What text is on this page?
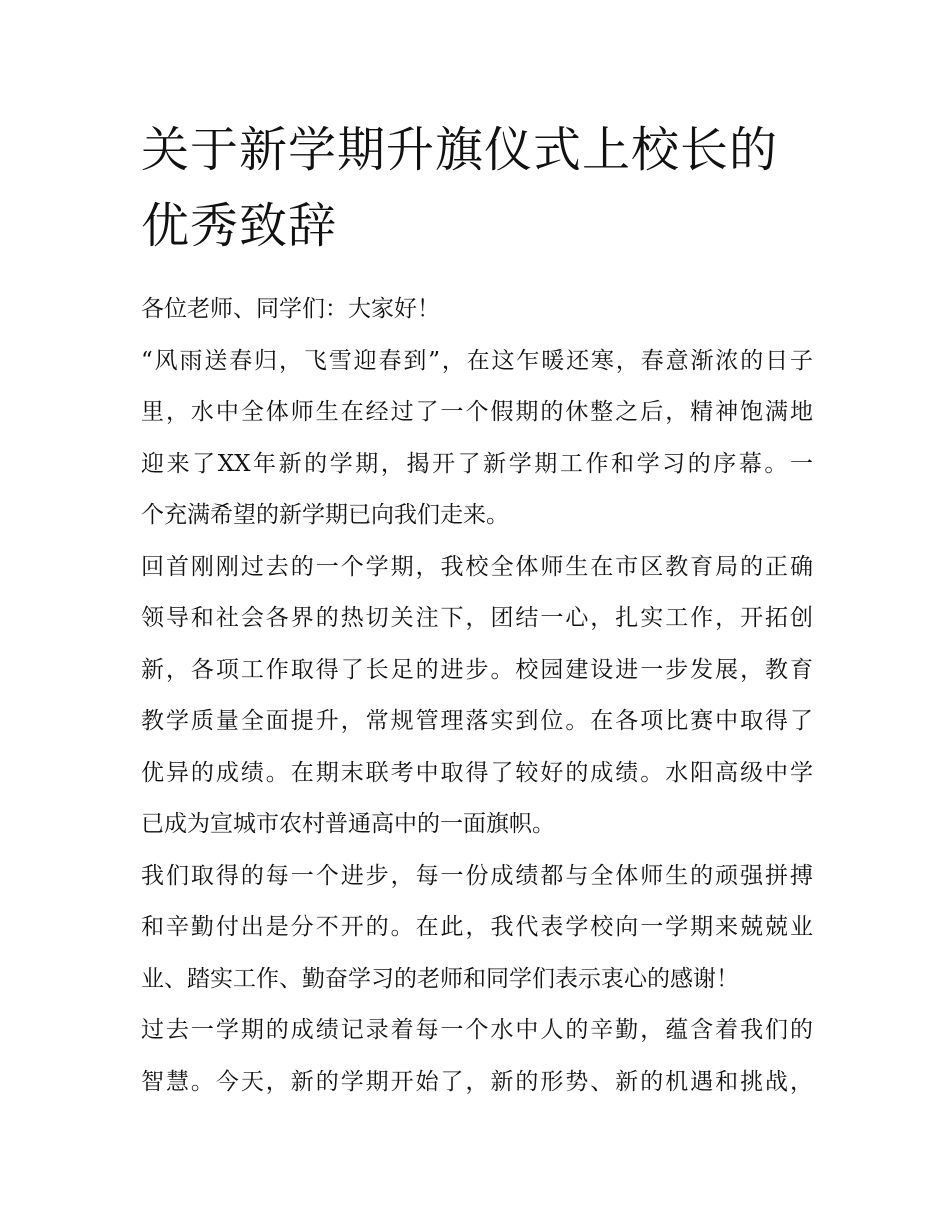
关于新学期升旗仪式上校长的
优秀致辞
各位老师、同学们：大家好！
“风雨送春归，飞雪迎春到”，在这乍暖还寒，春意渐浓的日子
里，水中全体师生在经过了一个假期的休整之后，精神饱满地
迎来了XX年新的学期，揭开了新学期工作和学习的序幕。一
个充满希望的新学期已向我们走来。
回首刚刚过去的一个学期，我校全体师生在市区教育局的正确
领导和社会各界的热切关注下，团结一心，扎实工作，开拓创
新，各项工作取得了长足的进步。校园建设进一步发展，教育
教学质量全面提升，常规管理落实到位。在各项比赛中取得了
优异的成绩。在期末联考中取得了较好的成绩。水阳高级中学
已成为宣城市农村普通高中的一面旗帜。
我们取得的每一个进步，每一份成绩都与全体师生的顽强拼搏
和辛勤付出是分不开的。在此，我代表学校向一学期来兢兢业
业、踏实工作、勤奋学习的老师和同学们表示衷心的感谢！
过去一学期的成绩记录着每一个水中人的辛勤，蕴含着我们的
智慧。今天，新的学期开始了，新的形势、新的机遇和挑战，
